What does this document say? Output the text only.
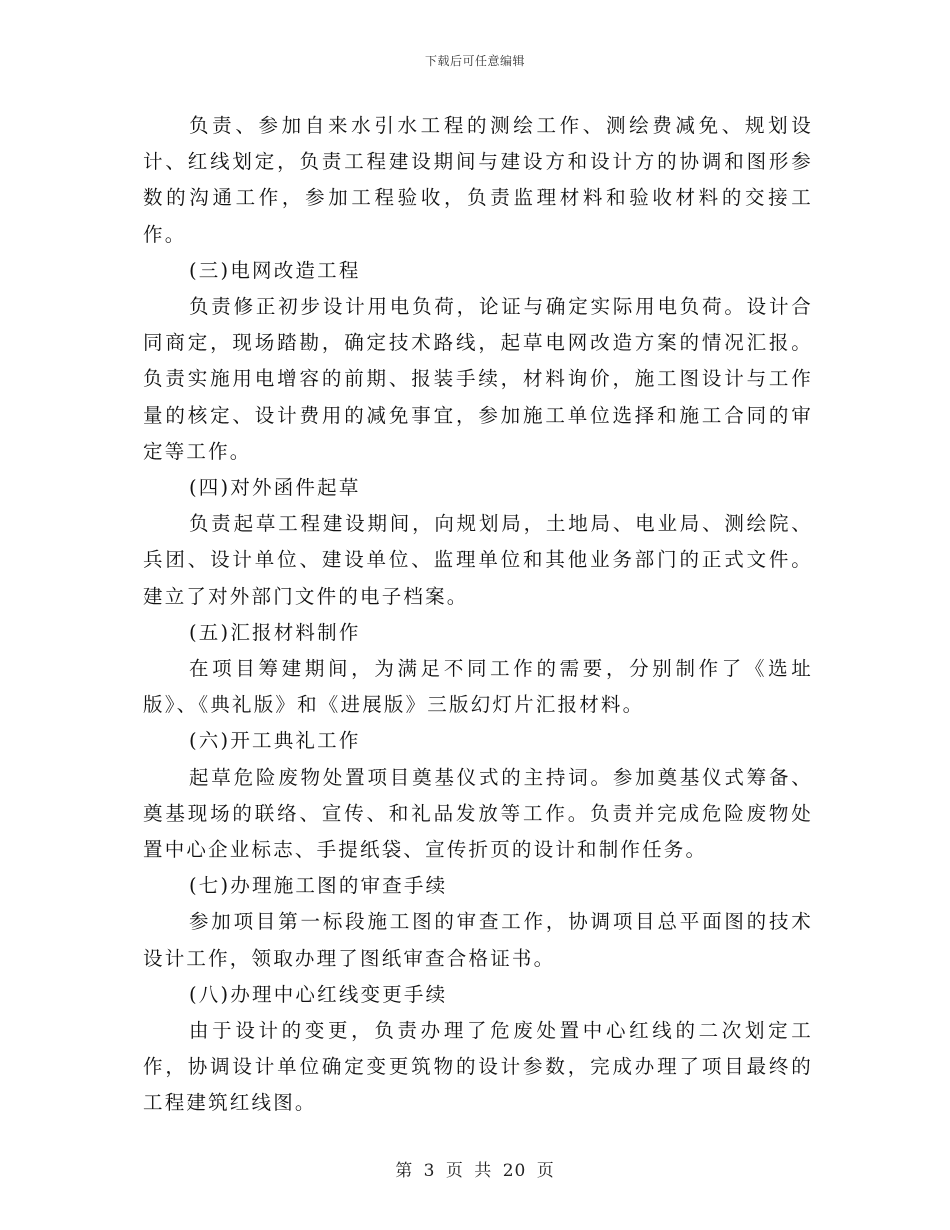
下载后可任意编辑

负责、参加自来水引水工程的测绘工作、测绘费减免、规划设计、红线划定，负责工程建设期间与建设方和设计方的协调和图形参数的沟通工作，参加工程验收，负责监理材料和验收材料的交接工作。

(三)电网改造工程

负责修正初步设计用电负荷，论证与确定实际用电负荷。设计合同商定，现场踏勘，确定技术路线，起草电网改造方案的情况汇报。负责实施用电增容的前期、报装手续，材料询价，施工图设计与工作量的核定、设计费用的减免事宜，参加施工单位选择和施工合同的审定等工作。

(四)对外函件起草

负责起草工程建设期间，向规划局，土地局、电业局、测绘院、兵团、设计单位、建设单位、监理单位和其他业务部门的正式文件。建立了对外部门文件的电子档案。

(五)汇报材料制作

在项目筹建期间，为满足不同工作的需要，分别制作了《选址版》、《典礼版》和《进展版》三版幻灯片汇报材料。

(六)开工典礼工作

起草危险废物处置项目奠基仪式的主持词。参加奠基仪式筹备、奠基现场的联络、宣传、和礼品发放等工作。负责并完成危险废物处置中心企业标志、手提纸袋、宣传折页的设计和制作任务。

(七)办理施工图的审查手续

参加项目第一标段施工图的审查工作，协调项目总平面图的技术设计工作，领取办理了图纸审查合格证书。

(八)办理中心红线变更手续

由于设计的变更，负责办理了危废处置中心红线的二次划定工作，协调设计单位确定变更筑物的设计参数，完成办理了项目最终的工程建筑红线图。

第 3 页 共 20 页
